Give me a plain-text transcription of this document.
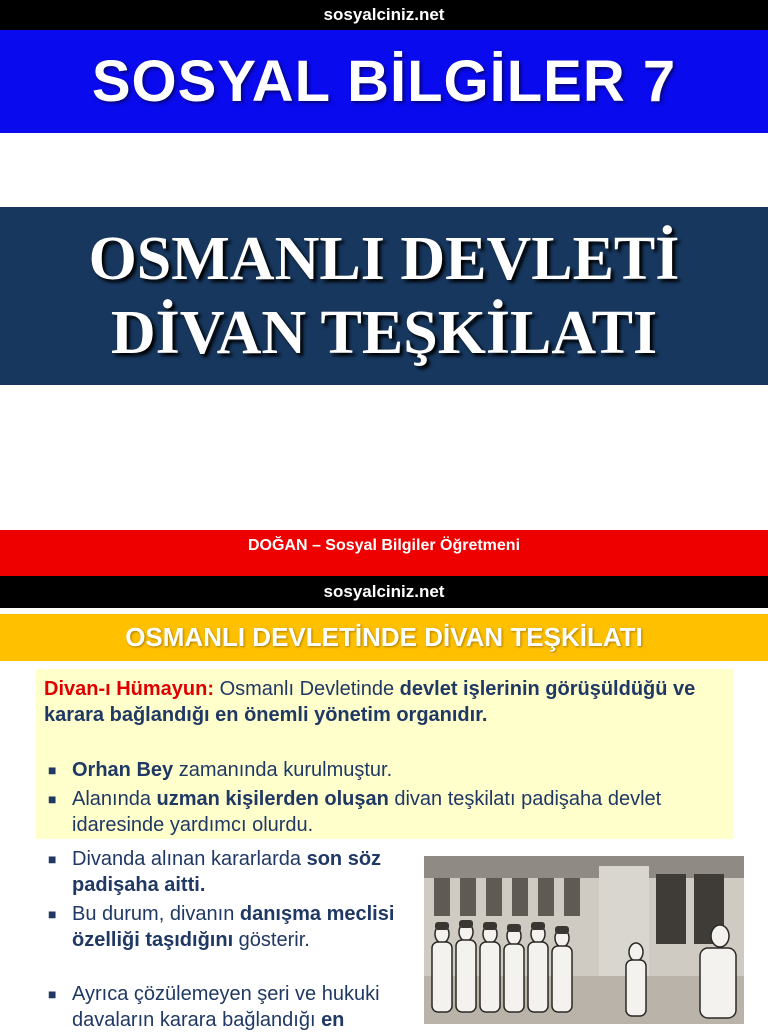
sosyalciniz.net
SOSYAL BİLGİLER 7
OSMANLI DEVLETİ
DİVAN TEŞKİLATI
DOĞAN – Sosyal Bilgiler Öğretmeni
sosyalciniz.net
OSMANLI DEVLETİNDE DİVAN TEŞKİLATI
Divan-ı Hümayun: Osmanlı Devletinde devlet işlerinin görüşüldüğü ve karara bağlandığı en önemli yönetim organıdır.
■ Orhan Bey zamanında kurulmuştur.
■ Alanında uzman kişilerden oluşan divan teşkilatı padişaha devlet idaresinde yardımcı olurdu.
■ Divanda alınan kararlarda son söz padişaha aitti.
■ Bu durum, divanın danışma meclisi özelliği taşıdığını gösterir.
■ Ayrıca çözülemeyen şeri ve hukuki davaların karara bağlandığı en
